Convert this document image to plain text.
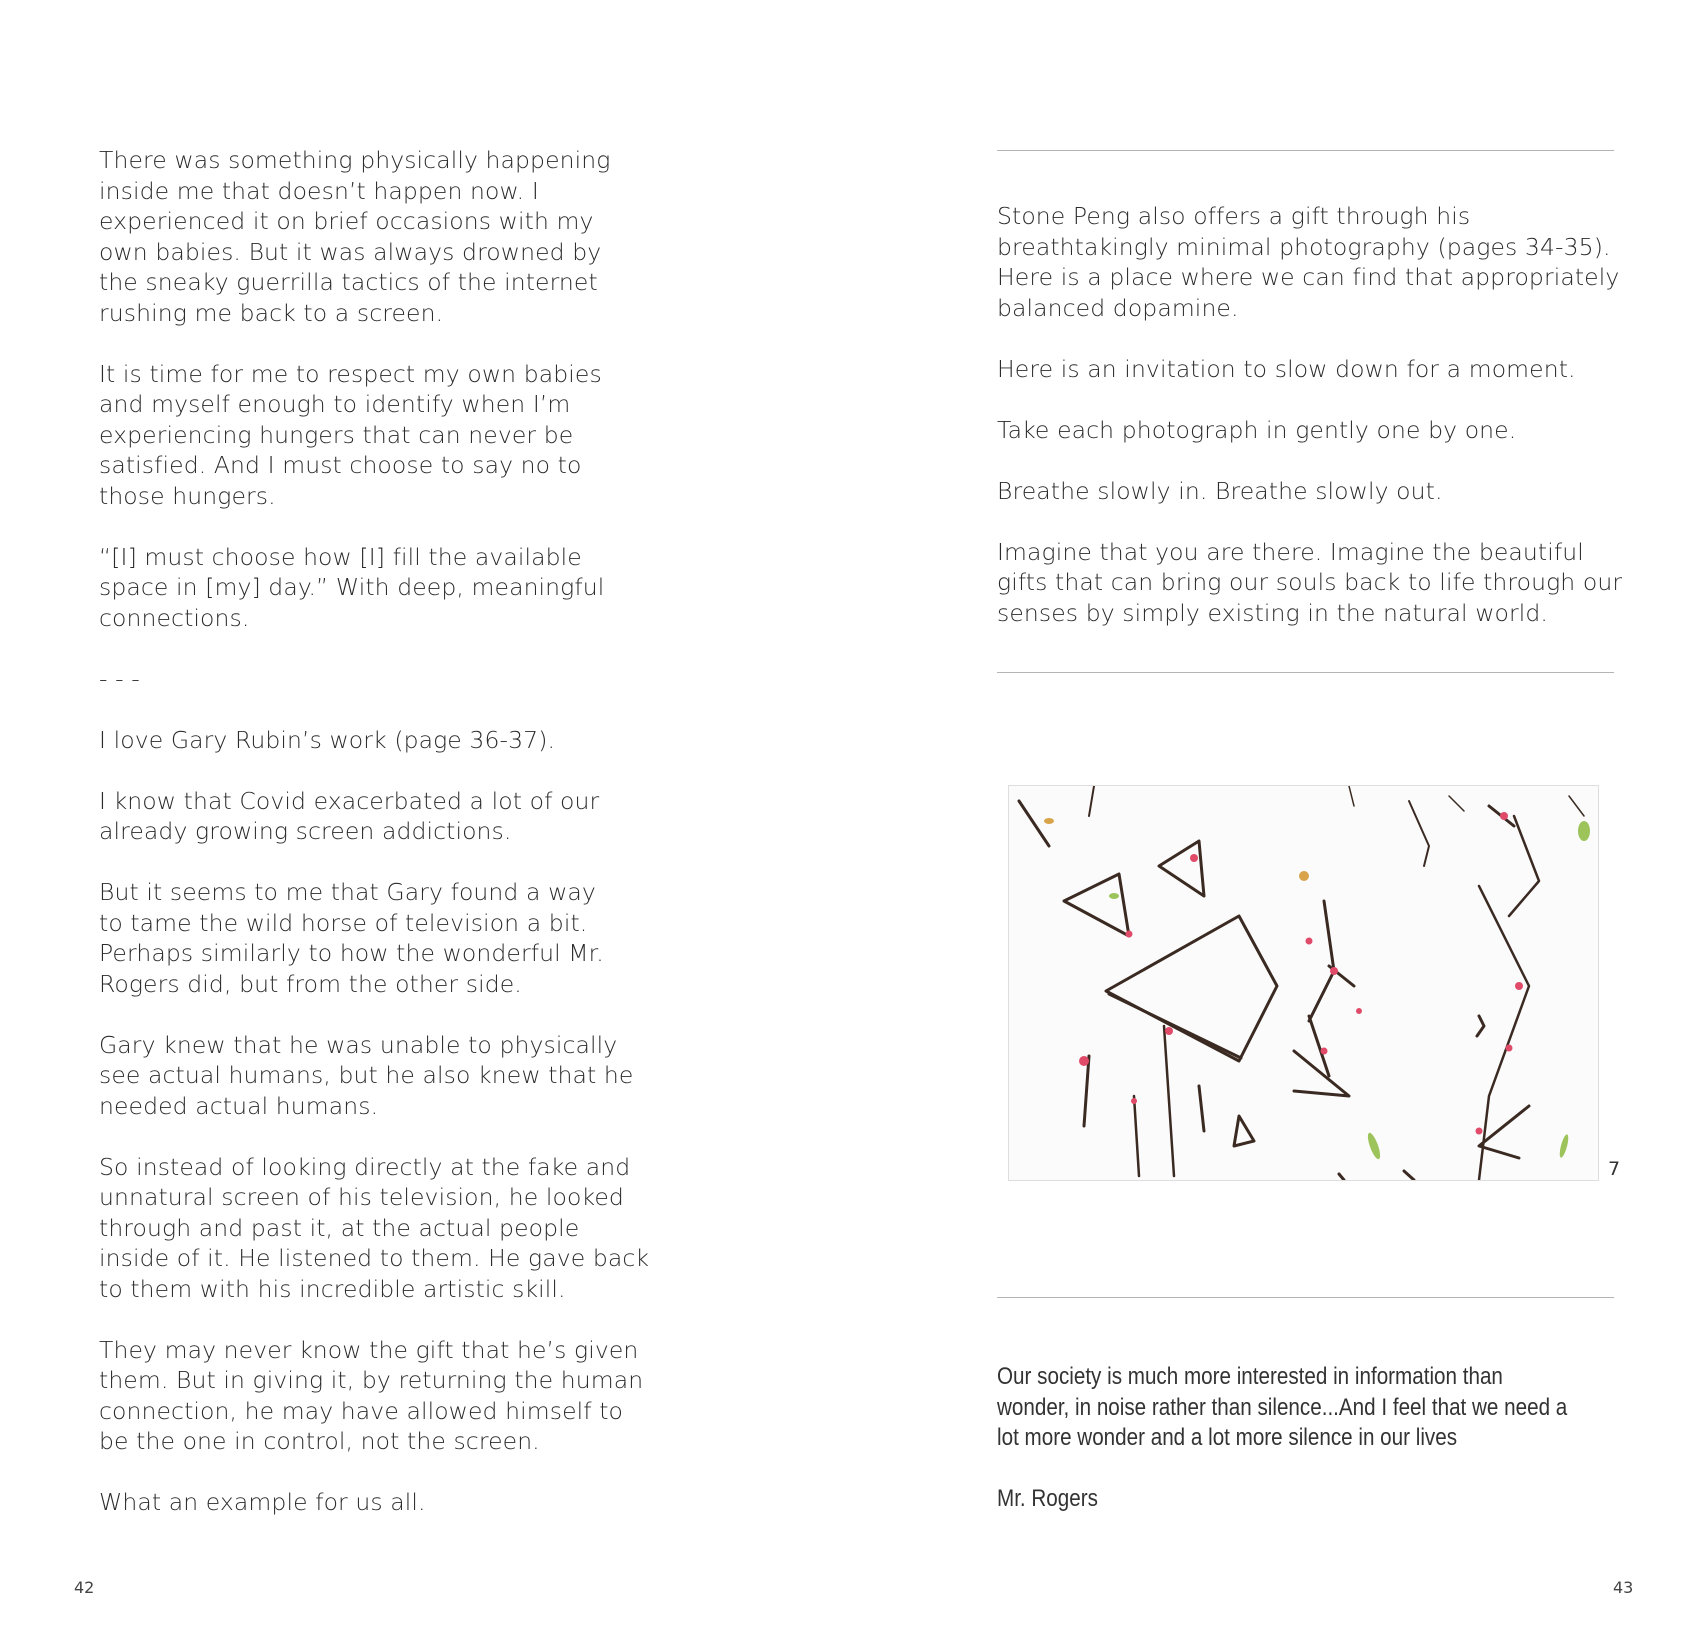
There was something physically happening
inside me that doesn’t happen now. I
experienced it on brief occasions with my
own babies. But it was always drowned by
the sneaky guerrilla tactics of the internet
rushing me back to a screen.

It is time for me to respect my own babies
and myself enough to identify when I’m
experiencing hungers that can never be
satisfied. And I must choose to say no to
those hungers.

“[I] must choose how [I] fill the available
space in [my] day.” With deep, meaningful
connections.

- - -

I love Gary Rubin’s work (page 36-37).

I know that Covid exacerbated a lot of our
already growing screen addictions.

But it seems to me that Gary found a way
to tame the wild horse of television a bit.
Perhaps similarly to how the wonderful Mr.
Rogers did, but from the other side.

Gary knew that he was unable to physically
see actual humans, but he also knew that he
needed actual humans.

So instead of looking directly at the fake and
unnatural screen of his television, he looked
through and past it, at the actual people
inside of it. He listened to them. He gave back
to them with his incredible artistic skill.

They may never know the gift that he’s given
them. But in giving it, by returning the human
connection, he may have allowed himself to
be the one in control, not the screen.

What an example for us all.

42

Stone Peng also offers a gift through his
breathtakingly minimal photography (pages 34-35).
Here is a place where we can find that appropriately
balanced dopamine.

Here is an invitation to slow down for a moment.

Take each photograph in gently one by one.

Breathe slowly in. Breathe slowly out.

Imagine that you are there. Imagine the beautiful
gifts that can bring our souls back to life through our
senses by simply existing in the natural world.

7

Our society is much more interested in information than
wonder, in noise rather than silence...And I feel that we need a
lot more wonder and a lot more silence in our lives

Mr. Rogers

43
